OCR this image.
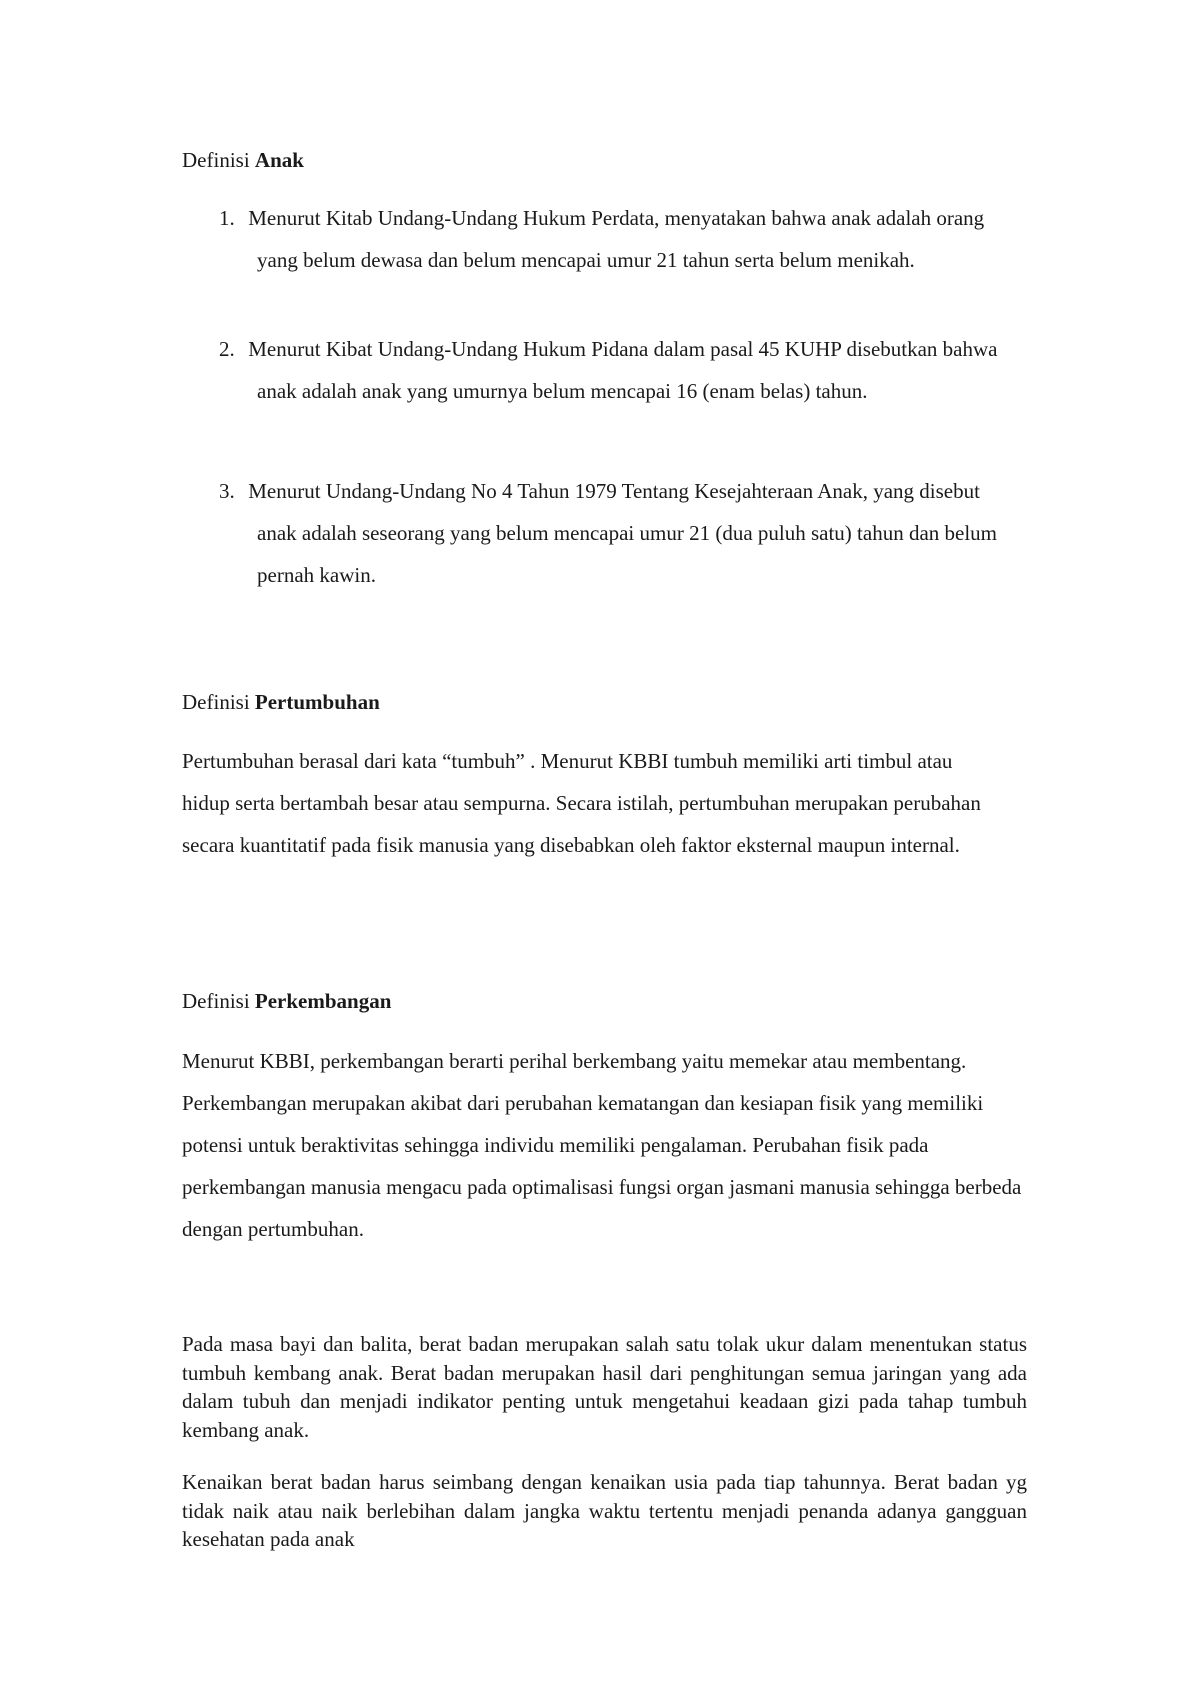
Definisi Anak
1. Menurut Kitab Undang-Undang Hukum Perdata, menyatakan bahwa anak adalah orang yang belum dewasa dan belum mencapai umur 21 tahun serta belum menikah.
2. Menurut Kibat Undang-Undang Hukum Pidana dalam pasal 45 KUHP disebutkan bahwa anak adalah anak yang umurnya belum mencapai 16 (enam belas) tahun.
3. Menurut Undang-Undang No 4 Tahun 1979 Tentang Kesejahteraan Anak, yang disebut anak adalah seseorang yang belum mencapai umur 21 (dua puluh satu) tahun dan belum pernah kawin.
Definisi Pertumbuhan

Pertumbuhan berasal dari kata “tumbuh” . Menurut KBBI tumbuh memiliki arti timbul atau hidup serta bertambah besar atau sempurna. Secara istilah, pertumbuhan merupakan perubahan secara kuantitatif pada fisik manusia yang disebabkan oleh faktor eksternal maupun internal.

Definisi Perkembangan

Menurut KBBI, perkembangan berarti perihal berkembang yaitu memekar atau membentang. Perkembangan merupakan akibat dari perubahan kematangan dan kesiapan fisik yang memiliki potensi untuk beraktivitas sehingga individu memiliki pengalaman. Perubahan fisik pada perkembangan manusia mengacu pada optimalisasi fungsi organ jasmani manusia sehingga berbeda dengan pertumbuhan.

Pada masa bayi dan balita, berat badan merupakan salah satu tolak ukur dalam menentukan status tumbuh kembang anak. Berat badan merupakan hasil dari penghitungan semua jaringan yang ada dalam tubuh dan menjadi indikator penting untuk mengetahui keadaan gizi pada tahap tumbuh kembang anak.

Kenaikan berat badan harus seimbang dengan kenaikan usia pada tiap tahunnya. Berat badan yg tidak naik atau naik berlebihan dalam jangka waktu tertentu menjadi penanda adanya gangguan kesehatan pada anak
